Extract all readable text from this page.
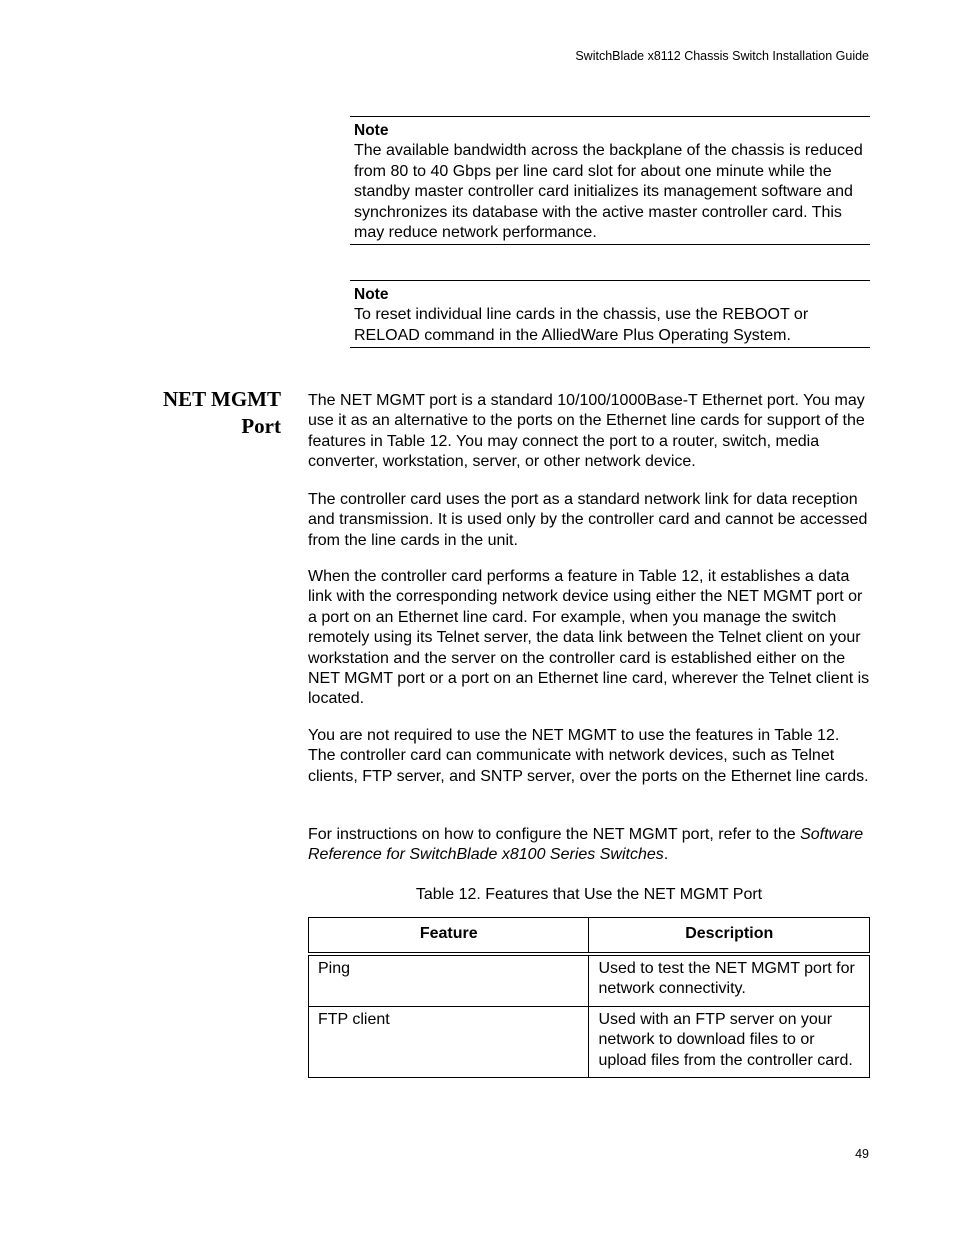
SwitchBlade x8112 Chassis Switch Installation Guide
Note
The available bandwidth across the backplane of the chassis is reduced from 80 to 40 Gbps per line card slot for about one minute while the standby master controller card initializes its management software and synchronizes its database with the active master controller card. This may reduce network performance.
Note
To reset individual line cards in the chassis, use the REBOOT or RELOAD command in the AlliedWare Plus Operating System.
NET MGMT
Port

The NET MGMT port is a standard 10/100/1000Base-T Ethernet port. You may use it as an alternative to the ports on the Ethernet line cards for support of the features in Table 12. You may connect the port to a router, switch, media converter, workstation, server, or other network device.

The controller card uses the port as a standard network link for data reception and transmission. It is used only by the controller card and cannot be accessed from the line cards in the unit.

When the controller card performs a feature in Table 12, it establishes a data link with the corresponding network device using either the NET MGMT port or a port on an Ethernet line card. For example, when you manage the switch remotely using its Telnet server, the data link between the Telnet client on your workstation and the server on the controller card is established either on the NET MGMT port or a port on an Ethernet line card, wherever the Telnet client is located.

You are not required to use the NET MGMT to use the features in Table 12. The controller card can communicate with network devices, such as Telnet clients, FTP server, and SNTP server, over the ports on the Ethernet line cards.

For instructions on how to configure the NET MGMT port, refer to the Software Reference for SwitchBlade x8100 Series Switches.

Table 12. Features that Use the NET MGMT Port
Feature	Description
Ping	Used to test the NET MGMT port for network connectivity.
FTP client	Used with an FTP server on your network to download files to or upload files from the controller card.
49
